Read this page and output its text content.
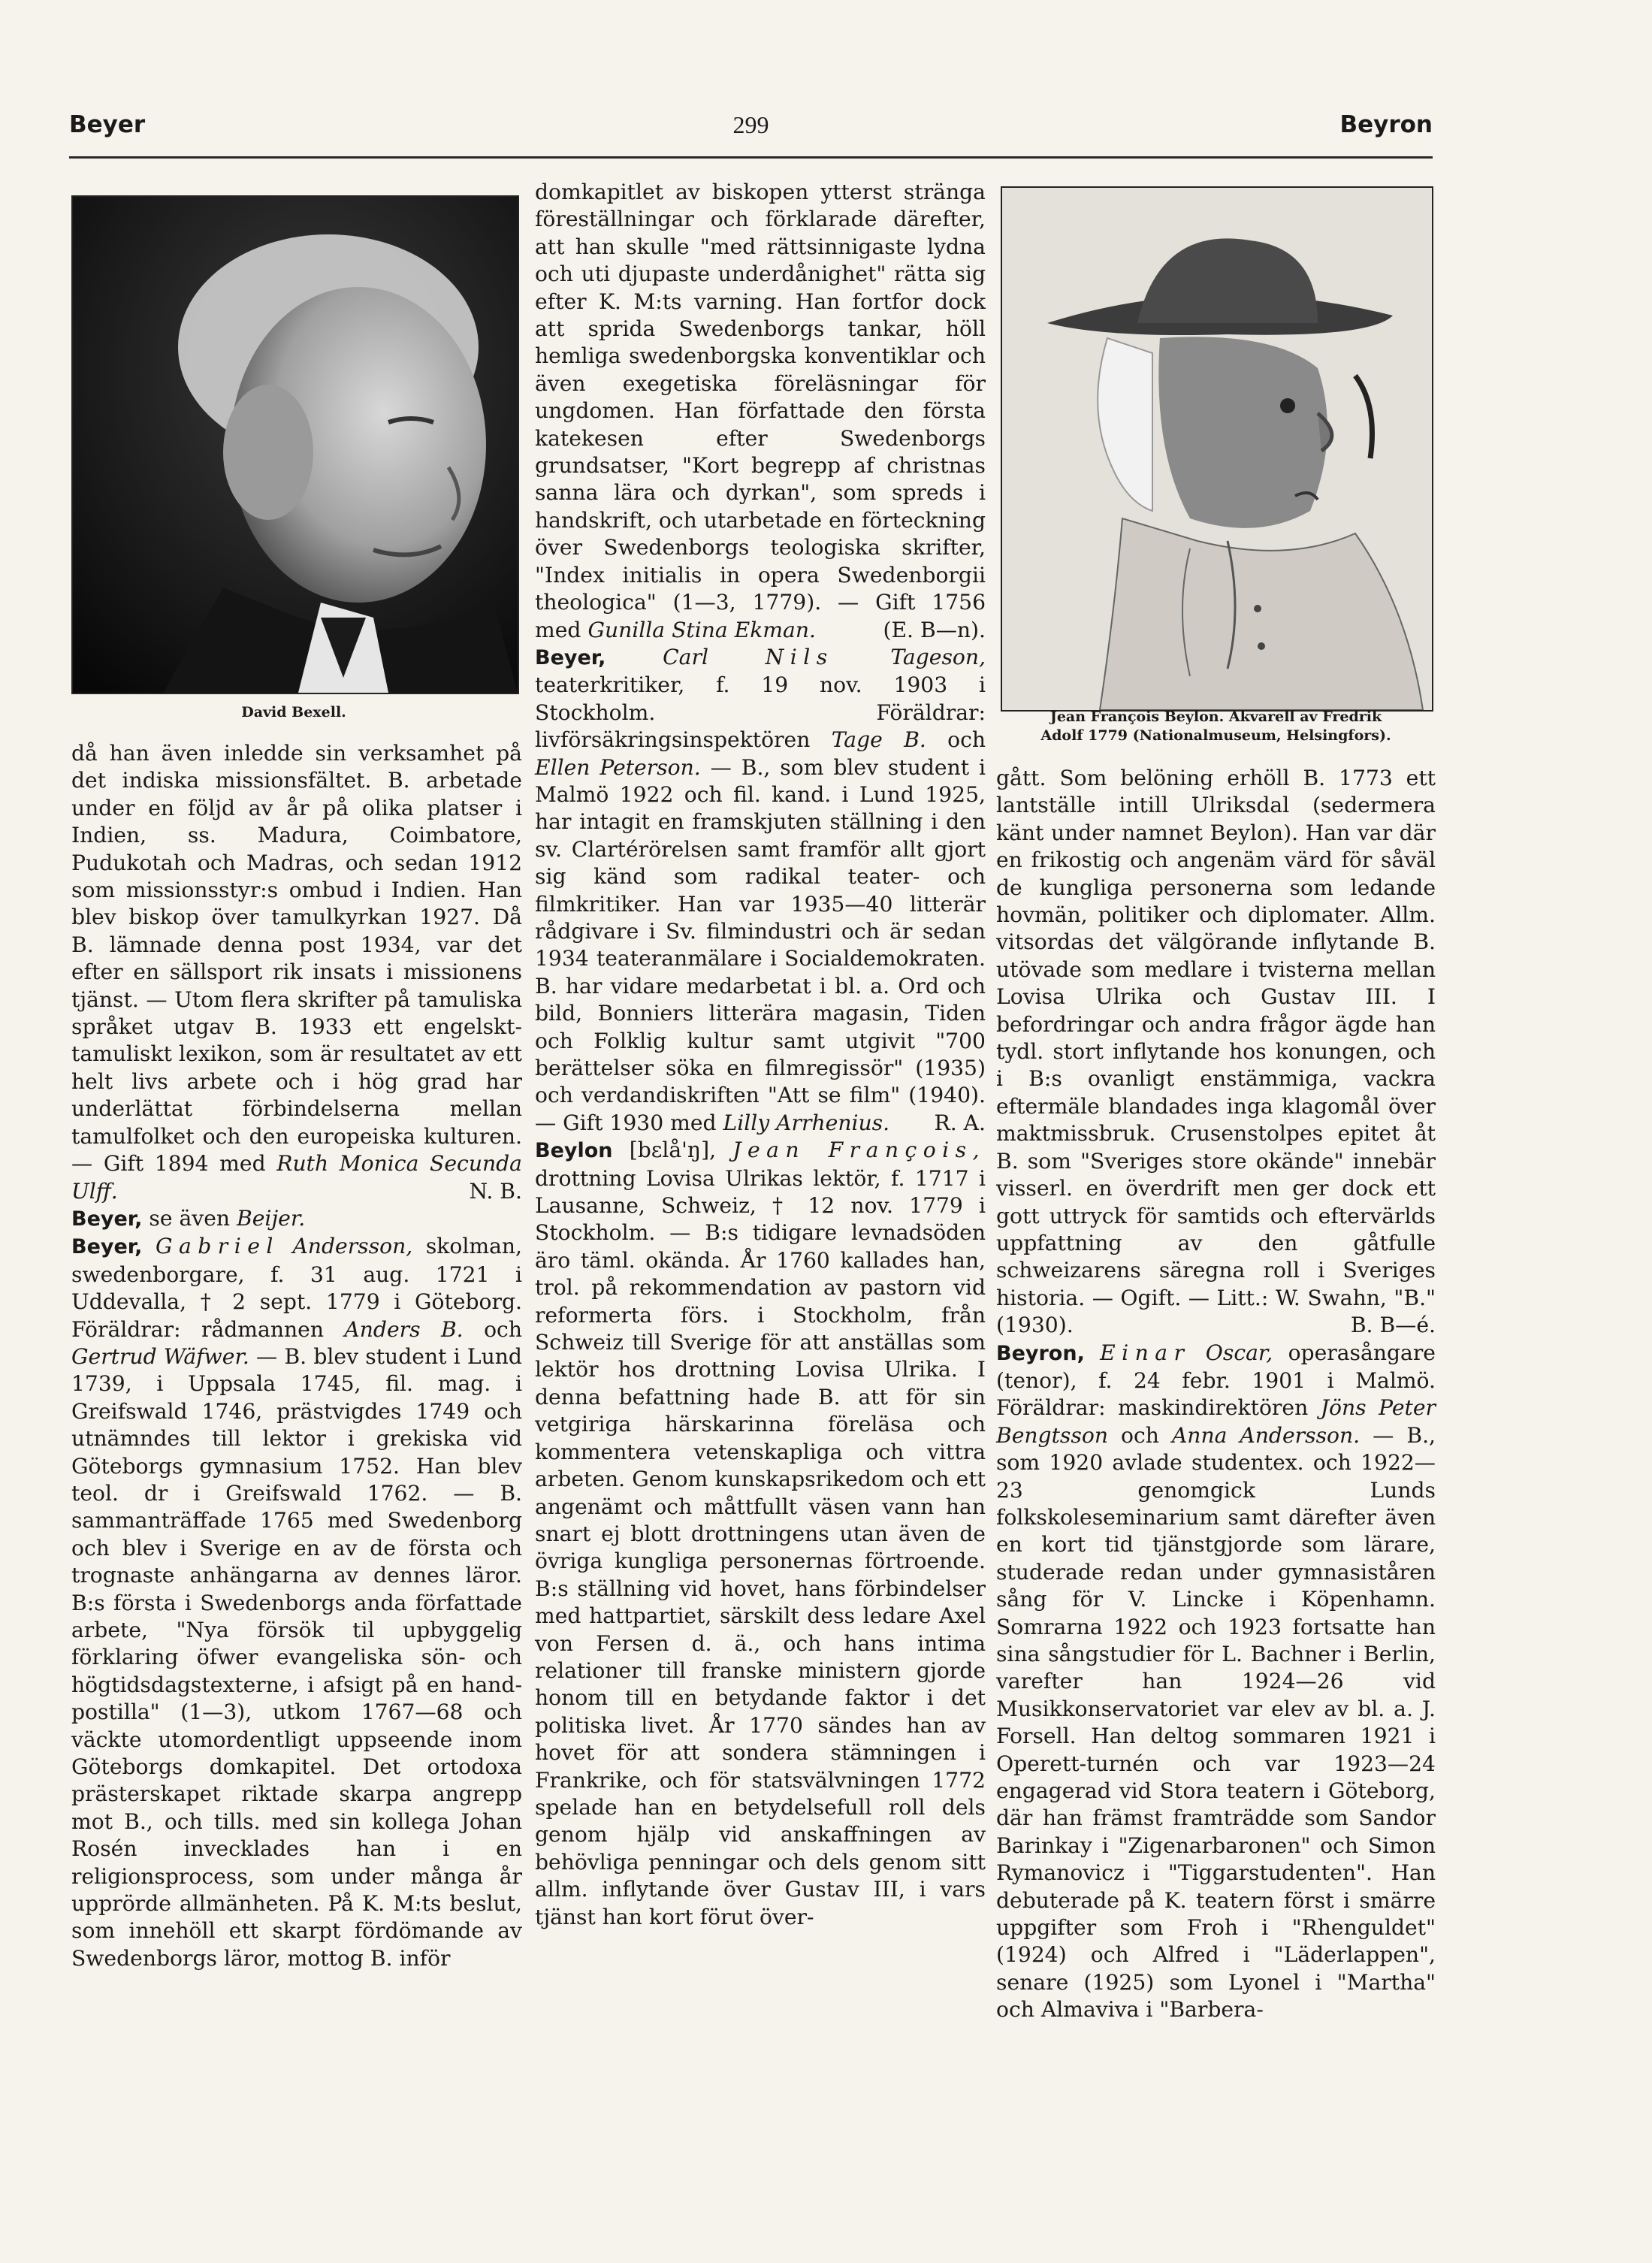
Beyer	299	Beyron
David Bexell.	Jean François Beylon. Akvarell av Fredrik
Adolf 1779 (Nationalmuseum, Helsingfors).

då han även inledde sin verksamhet på det indiska missionsfältet. B. arbetade under en följd av år på olika platser i Indien, ss. Madura, Coimbatore, Pudukotah och Madras, och sedan 1912 som missionsstyr:s ombud i Indien. Han blev biskop över tamulkyrkan 1927. Då B. lämnade denna post 1934, var det efter en sällsport rik insats i missionens tjänst. — Utom flera skrifter på tamuliska språket utgav B. 1933 ett engelskt-tamuliskt lexikon, som är resultatet av ett helt livs arbete och i hög grad har underlättat förbindelserna mellan tamulfolket och den europeiska kulturen. — Gift 1894 med Ruth Monica Secunda Ulff.	N. B.

Beyer, se även Beijer.

Beyer, Gabriel Andersson, skolman, swedenborgare, f. 31 aug. 1721 i Uddevalla, † 2 sept. 1779 i Göteborg. Föräldrar: rådmannen Anders B. och Gertrud Wäfwer. — B. blev student i Lund 1739, i Uppsala 1745, fil. mag. i Greifswald 1746, prästvigdes 1749 och utnämndes till lektor i grekiska vid Göteborgs gymnasium 1752. Han blev teol. dr i Greifswald 1762. — B. sammanträffade 1765 med Swedenborg och blev i Sverige en av de första och trognaste anhängarna av dennes läror. B:s första i Swedenborgs anda författade arbete, "Nya försök til upbyggelig förklaring öfwer evangeliska sön- och högtidsdagstexterne, i afsigt på en hand-postilla" (1—3), utkom 1767—68 och väckte utomordentligt uppseende inom Göteborgs domkapitel. Det ortodoxa prästerskapet riktade skarpa angrepp mot B., och tills. med sin kollega Johan Rosén invecklades han i en religionsprocess, som under många år upprörde allmänheten. På K. M:ts beslut, som innehöll ett skarpt fördömande av Swedenborgs läror, mottog B. inför

domkapitlet av biskopen ytterst stränga föreställningar och förklarade därefter, att han skulle "med rättsinnigaste lydna och uti djupaste underdånighet" rätta sig efter K. M:ts varning. Han fortfor dock att sprida Swedenborgs tankar, höll hemliga swedenborgska konventiklar och även exegetiska föreläsningar för ungdomen. Han författade den första katekesen efter Swedenborgs grundsatser, "Kort begrepp af christnas sanna lära och dyrkan", som spreds i handskrift, och utarbetade en förteckning över Swedenborgs teologiska skrifter, "Index initialis in opera Swedenborgii theologica" (1—3, 1779). — Gift 1756 med Gunilla Stina Ekman.	(E. B—n).

Beyer,	Carl	Nils	Tageson, teaterkritiker, f. 19 nov. 1903 i Stockholm. Föräldrar: livförsäkringsinspektören Tage B. och Ellen Peterson. — B., som blev student i Malmö 1922 och fil. kand. i Lund 1925, har intagit en framskjuten ställning i den sv. Clartérörelsen samt framför allt gjort sig känd som radikal teater- och filmkritiker. Han var 1935—40 litterär rådgivare i Sv. filmindustri och är sedan 1934 teateranmälare i Socialdemokraten. B. har vidare medarbetat i bl. a. Ord och bild, Bonniers litterära magasin, Tiden och Folklig kultur samt utgivit "700 berättelser söka en filmregissör" (1935) och verdandiskriften "Att se film" (1940). — Gift 1930 med Lilly Arrhenius. R. A.

Beylon [bɛlå'ŋ], Jean François, drottning Lovisa Ulrikas lektör, f. 1717 i Lausanne, Schweiz, † 12 nov. 1779 i Stockholm. — B:s tidigare levnadsöden äro täml. okända. År 1760 kallades han, trol. på rekommendation av pastorn vid reformerta förs. i Stockholm, från Schweiz till Sverige för att anställas som lektör hos drottning Lovisa Ulrika. I denna befattning hade B. att för sin vetgiriga härskarinna föreläsa och kommentera vetenskapliga och vittra arbeten. Genom kunskapsrikedom och ett angenämt och måttfullt väsen vann han snart ej blott drottningens utan även de övriga kungliga personernas förtroende. B:s ställning vid hovet, hans förbindelser med hattpartiet, särskilt dess ledare Axel von Fersen d. ä., och hans intima relationer till franske ministern gjorde honom till en betydande faktor i det politiska livet. År 1770 sändes han av hovet för att sondera stämningen i Frankrike, och för statsvälvningen 1772 spelade han en betydelsefull roll dels genom hjälp vid anskaffningen av behövliga penningar och dels genom sitt allm. inflytande över Gustav III, i vars tjänst han kort förut över-

gått. Som belöning erhöll B. 1773 ett lantställe intill Ulriksdal (sedermera känt under namnet Beylon). Han var där en frikostig och angenäm värd för såväl de kungliga personerna som ledande hovmän, politiker och diplomater. Allm. vitsordas det välgörande inflytande B. utövade som medlare i tvisterna mellan Lovisa Ulrika och Gustav III. I befordringar och andra frågor ägde han tydl. stort inflytande hos konungen, och i B:s ovanligt enstämmiga, vackra eftermäle blandades inga klagomål över maktmissbruk. Crusenstolpes epitet åt B. som "Sveriges store okände" innebär visserl. en överdrift men ger dock ett gott uttryck för samtids och eftervärlds uppfattning av den gåtfulle schweizarens säregna roll i Sveriges historia. — Ogift. — Litt.: W. Swahn, "B." (1930).	B. B—é.

Beyron, Einar Oscar, operasångare (tenor), f. 24 febr. 1901 i Malmö. Föräldrar: maskindirektören Jöns Peter Bengtsson och Anna Andersson. — B., som 1920 avlade studentex. och 1922—23 genomgick Lunds folkskoleseminarium samt därefter även en kort tid tjänstgjorde som lärare, studerade redan under gymnasiståren sång för V. Lincke i Köpenhamn. Somrarna 1922 och 1923 fortsatte han sina sångstudier för L. Bachner i Berlin, varefter han 1924—26 vid Musikkonservatoriet var elev av bl. a. J. Forsell. Han deltog sommaren 1921 i Operett-turnén och var 1923—24 engagerad vid Stora teatern i Göteborg, där han främst framträdde som Sandor Barinkay i "Zigenarbaronen" och Simon Rymanovicz i "Tiggarstudenten". Han debuterade på K. teatern först i smärre uppgifter som Froh i "Rhenguldet" (1924) och Alfred i "Läderlappen", senare (1925) som Lyonel i "Martha" och Almaviva i "Barbera-
